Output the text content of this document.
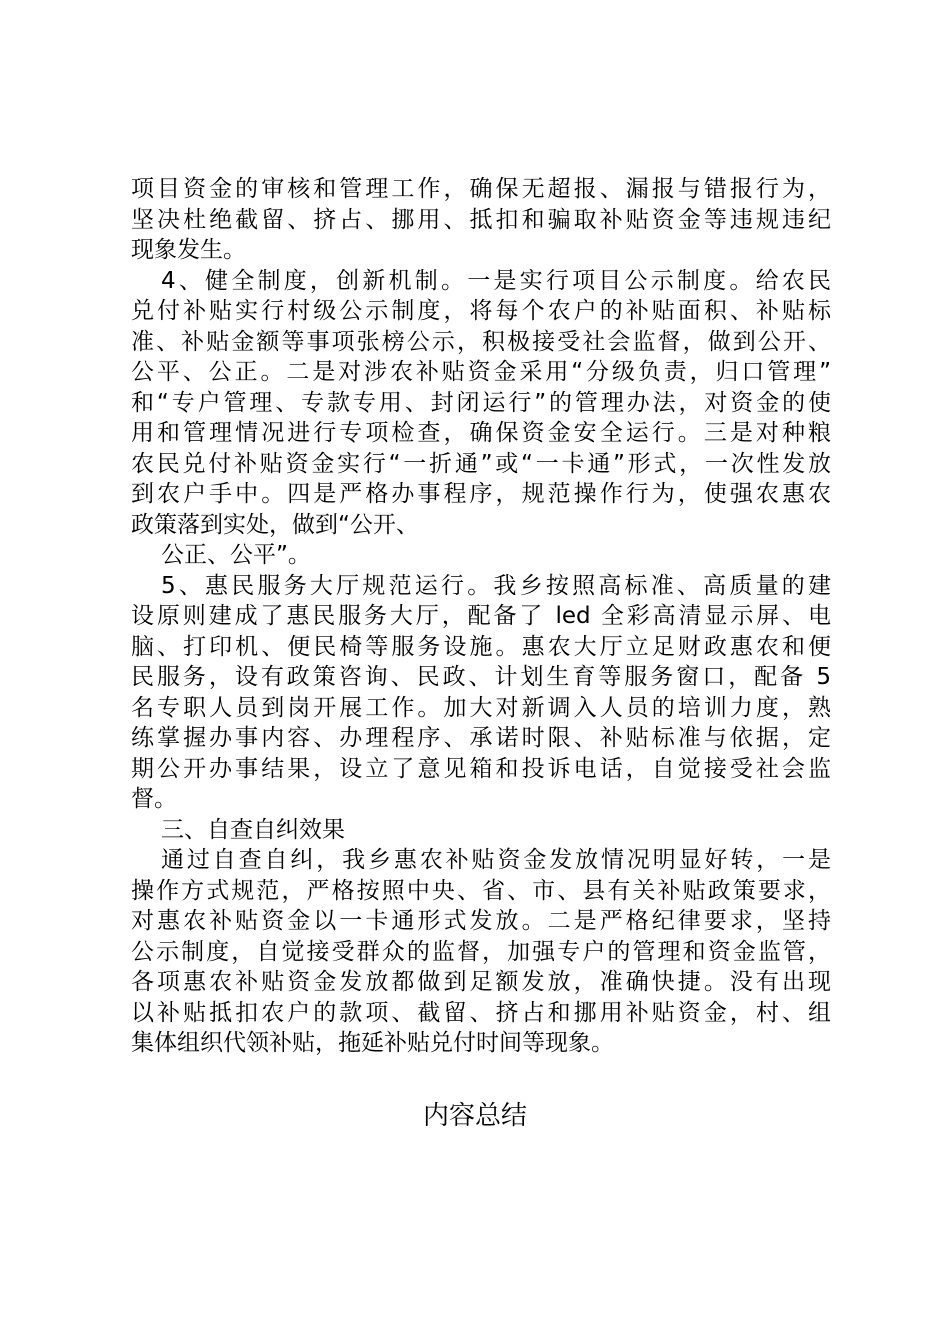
项目资金的审核和管理工作，确保无超报、漏报与错报行为，
坚决杜绝截留、挤占、挪用、抵扣和骗取补贴资金等违规违纪
现象发生。
4、健全制度，创新机制。一是实行项目公示制度。给农民
兑付补贴实行村级公示制度，将每个农户的补贴面积、补贴标
准、补贴金额等事项张榜公示，积极接受社会监督，做到公开、
公平、公正。二是对涉农补贴资金采用“分级负责，归口管理”
和“专户管理、专款专用、封闭运行”的管理办法，对资金的使
用和管理情况进行专项检查，确保资金安全运行。三是对种粮
农民兑付补贴资金实行“一折通”或“一卡通”形式，一次性发放
到农户手中。四是严格办事程序，规范操作行为，使强农惠农
政策落到实处，做到“公开、
公正、公平”。
5、惠民服务大厅规范运行。我乡按照高标准、高质量的建
设原则建成了惠民服务大厅，配备了 led 全彩高清显示屏、电
脑、打印机、便民椅等服务设施。惠农大厅立足财政惠农和便
民服务，设有政策咨询、民政、计划生育等服务窗口，配备 5
名专职人员到岗开展工作。加大对新调入人员的培训力度，熟
练掌握办事内容、办理程序、承诺时限、补贴标准与依据，定
期公开办事结果，设立了意见箱和投诉电话，自觉接受社会监
督。
三、自查自纠效果
通过自查自纠，我乡惠农补贴资金发放情况明显好转，一是
操作方式规范，严格按照中央、省、市、县有关补贴政策要求，
对惠农补贴资金以一卡通形式发放。二是严格纪律要求，坚持
公示制度，自觉接受群众的监督，加强专户的管理和资金监管，
各项惠农补贴资金发放都做到足额发放，准确快捷。没有出现
以补贴抵扣农户的款项、截留、挤占和挪用补贴资金，村、组
集体组织代领补贴，拖延补贴兑付时间等现象。
内容总结
